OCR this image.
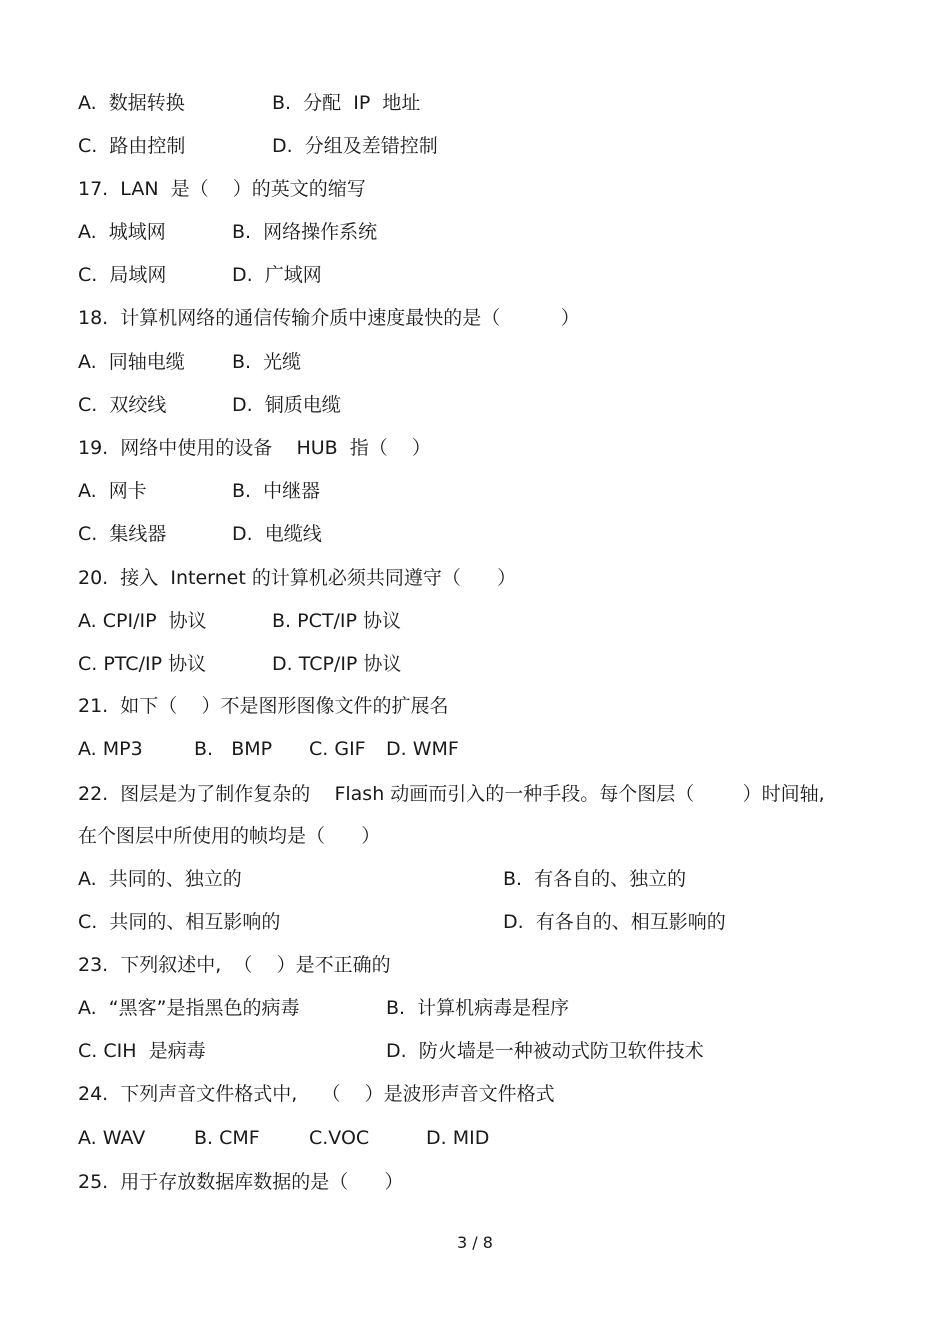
A.  数据转换	B.  分配  IP  地址
C.  路由控制	D.  分组及差错控制
17.  LAN  是（    ）的英文的缩写
A.  城域网	B.  网络操作系统
C.  局域网	D.  广域网
18.  计算机网络的通信传输介质中速度最快的是（          ）
A.  同轴电缆 B.  光缆
C.  双绞线	D.  铜质电缆
19.  网络中使用的设备    HUB  指（    ）
A.  网卡	B.  中继器
C.  集线器	D.  电缆线
20.  接入  Internet 的计算机必须共同遵守（      ）
A. CPI/IP  协议	B. PCT/IP 协议
C. PTC/IP 协议	D. TCP/IP 协议
21.  如下（    ）不是图形图像文件的扩展名
A. MP3	B.   BMP C. GIF D. WMF
22.  图层是为了制作复杂的    Flash 动画而引入的一种手段。每个图层（        ）时间轴,
在个图层中所使用的帧均是（      ）
A.  共同的、独立的	B.  有各自的、独立的
C.  共同的、相互影响的	D.  有各自的、相互影响的
23.  下列叙述中,  （    ）是不正确的
A.  “黑客”是指黑色的病毒	B.  计算机病毒是程序
C. CIH  是病毒	D.  防火墙是一种被动式防卫软件技术
24.  下列声音文件格式中,    （    ）是波形声音文件格式
A. WAV	B. CMF	C.VOC	D. MID
25.  用于存放数据库数据的是（      ）
3 / 8
